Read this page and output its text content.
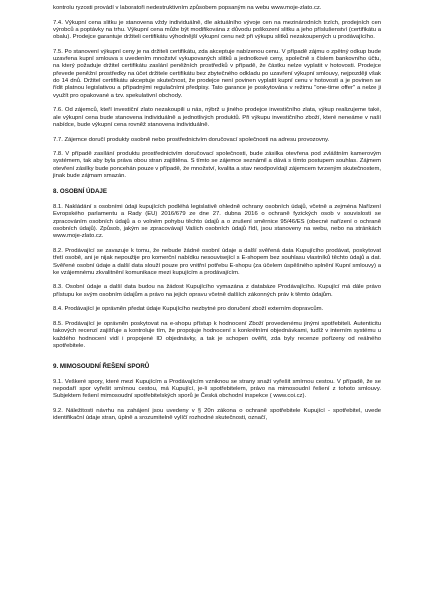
kontrolu ryzosti provádí v laboratoři nedestruktivním způsobem popsaným na webu www.moje-zlato.cz.

7.4. Výkupní cena slitku je stanovena vždy individuálně, dle aktuálního vývoje cen na mezinárodních trzích, prodejních cen výrobců a poptávky na trhu. Výkupní cena může být modifikována z důvodu poškození slitku a jeho příslušenství (certifikátu a obalu). Prodejce garantuje držiteli certifikátu výhodnější výkupní cenu než při výkupu slitků nezakoupených u prodávajícího.

7.5. Po stanovení výkupní ceny je na držiteli certifikátu, zda akceptuje nabízenou cenu. V případě zájmu o zpětný odkup bude uzavřena kupní smlouva s uvedením množství vykupovaných slitků a jednotkové ceny, společně s číslem bankovního účtu, na který požaduje držitel certifikátu zaslání peněžních prostředků v případě, že částku nelze vyplatit v hotovosti. Prodejce převede peněžní prostředky na účet držitele certifikátu bez zbytečného odkladu po uzavření výkupní smlouvy, nejpozději však do 14 dnů. Držitel certifikátu akceptuje skutečnost, že prodejce není povinen vyplatit kupní cenu v hotovosti a je povinen se řídit platnou legislativou a případnými regulačními předpisy. Tato garance je poskytována v režimu "one-time offer" a nelze ji využít pro opakované a tzv. spekulativní obchody.

7.6. Od zájemců, kteří investiční zlato nezakoupili u nás, nýbrž u jiného prodejce investičního zlata, výkup realizujeme také, ale výkupní cena bude stanovena individuálně a jednotlivých produktů. Při výkupu investičního zboží, které neneáme v naší nabídce, bude výkupní cena rovněž stanovena individuálně.

7.7. Zájemce doručí produkty osobně nebo prostřednictvím doručovací společnosti na adresu provozovny.

7.8. V případě zasílání produktu prostřednictvím doručovací společnosti, bude zásilka otevřena pod zvláštním kamerovým systémem, tak aby byla práva obou stran zajištěna. S tímto se zájemce seznámil a dává s tímto postupem souhlas. Zájmem otevření zásilky bude poncehán pouze v případě, že množství, kvalita a stav neodpovídají zájemcem tvrzeným skutečnostem, jinak bude zájmam smazán.

8. OSOBNÍ ÚDAJE

8.1. Nakládání s osobními údaji kupujících podléhá legislativě ohledně ochrany osobních údajů, včetně a zejména Nařízení Evropského parlamentu a Rady (EU) 2016/679 ze dne 27. dubna 2016 o ochraně fyzických osob v souvislosti se zpracováním osobních údajů a o volném pohybu těchto údajů a o zrušení směrnice 95/46/ES (obecné nařízení o ochraně osobních údajů). Způsob, jakým se zpracovávají Vašich osobních údajů řídí, jsou stanoveny na webu, nebo na stránkách www.moje-zlato.cz.

8.2. Prodávající se zavazuje k tomu, že nebude žádné osobní údaje a další svěřená data Kupujícího prodávat, poskytovat třetí osobě, ani je nijak nepoužije pro komerční nabídku nesouvisející s E-shopem bez souhlasu vlastníků těchto údajů a dat. Svěřené osobní údaje a další data slouží pouze pro vnitřní potřebu E-shopu (za účelem úspěšného splnění Kupní smlouvy) a ke vzájemnému zkvalitnění komunikace mezi kupujícím a prodávajícím.

8.3. Osobní údaje a další data budou na žádost Kupujícího vymazána z databáze Prodávajícího. Kupující má dále právo přístupu ke svým osobním údajům a právo na jejich opravu včetně dalších zákonných práv k těmto údajům.

8.4. Prodávající je oprávněn předat údaje Kupujícího nezbytné pro doručení zboží externím dopravcům.

8.5. Prodávající je oprávněn poskytovat na e-shopu přístup k hodnocení Zboží provedenému jinými spotřebiteli. Autenticitu takových recenzí zajišťuje a kontroluje tím, že propojuje hodnocení s konkrétními objednávkami, tudíž v interním systému u každého hodnocení vidí i propojené ID objednávky, a tak je schopen ověřit, zda byly recenze pořízeny od reálného spotřebitele.

9. MIMOSOUDNÍ ŘEŠENÍ SPORŮ

9.1. Veškeré spory, které mezi Kupujícím a Prodávajícím vzniknou se strany snaží vyřešit smírnou cestou. V případě, že se nepodaří spor vyřešit smírnou cestou, má Kupující, je-li spotřebitelem, právo na mimosoudní řešení z tohoto smlouvy. Subjektem řešení mimosoudní spotřebitelských sporů je Česká obchodní inspekce ( www.coi.cz).

9.2. Náležitosti návrhu na zahájení jsou uvedeny v § 20n zákona o ochraně spotřebitele Kupující - spotřebitel, uvede identifikační údaje stran, úplně a srozumitelně vylíčí rozhodné skutečnosti, označí,
